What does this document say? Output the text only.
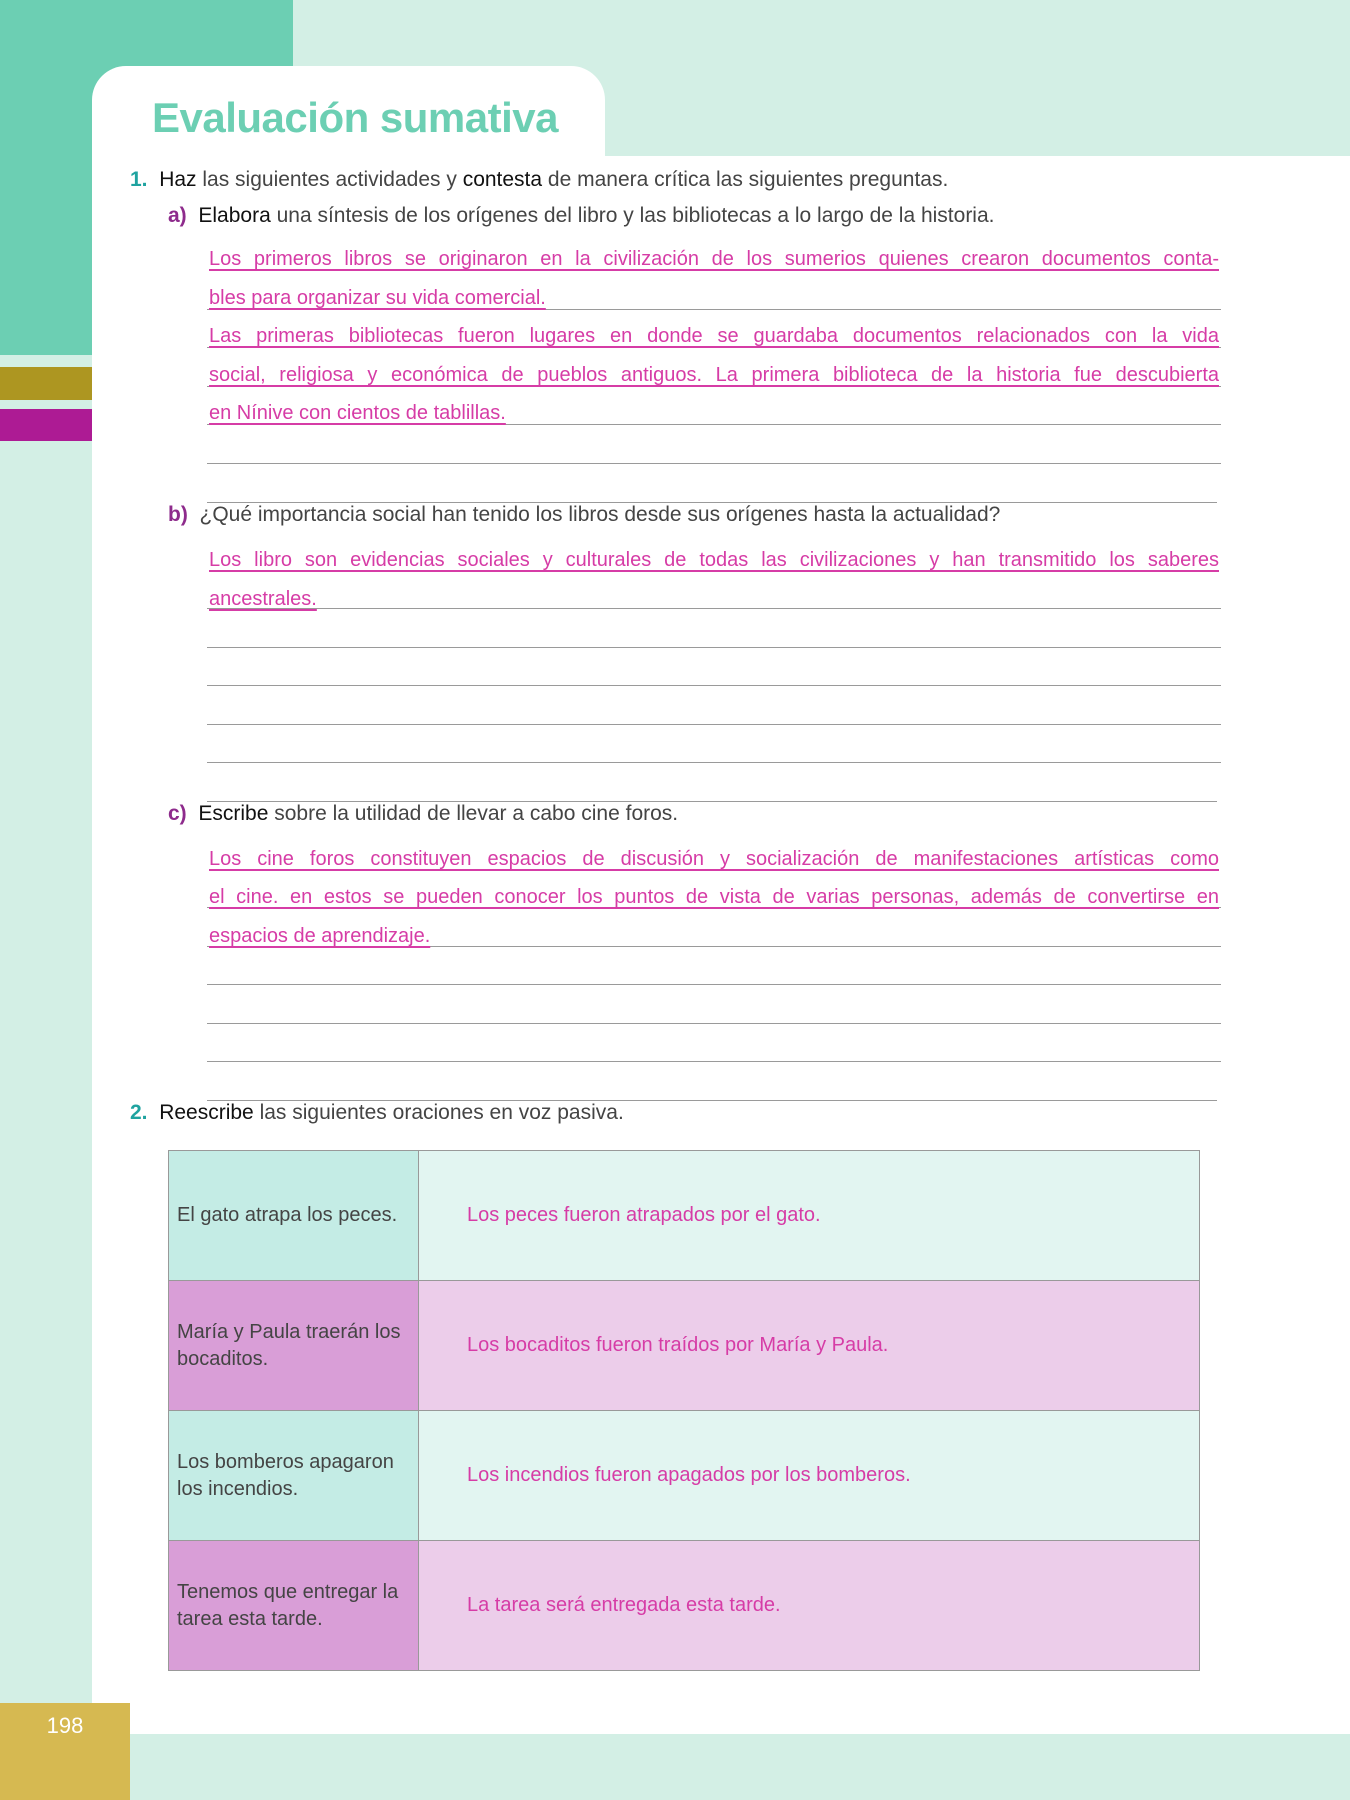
198
Evaluación sumativa
1. Haz las siguientes actividades y contesta de manera crítica las siguientes preguntas.
a) Elabora una síntesis de los orígenes del libro y las bibliotecas a lo largo de la historia.
Los primeros libros se originaron en la civilización de los sumerios quienes crearon documentos conta-
bles para organizar su vida comercial.
Las primeras bibliotecas fueron lugares en donde se guardaba documentos relacionados con la vida
social, religiosa y económica de pueblos antiguos. La primera biblioteca de la historia fue descubierta
en Nínive con cientos de tablillas.
b) ¿Qué importancia social han tenido los libros desde sus orígenes hasta la actualidad?
Los libro son evidencias sociales y culturales de todas las civilizaciones y han transmitido los saberes
ancestrales.
c) Escribe sobre la utilidad de llevar a cabo cine foros.
Los cine foros constituyen espacios de discusión y socialización de manifestaciones artísticas como
el cine. en estos se pueden conocer los puntos de vista de varias personas, además de convertirse en
espacios de aprendizaje.
2. Reescribe las siguientes oraciones en voz pasiva.
El gato atrapa los peces.	Los peces fueron atrapados por el gato.
María y Paula traerán los bocaditos.	Los bocaditos fueron traídos por María y Paula.
Los bomberos apagaron los incendios.	Los incendios fueron apagados por los bomberos.
Tenemos que entregar la tarea esta tarde.	La tarea será entregada esta tarde.
